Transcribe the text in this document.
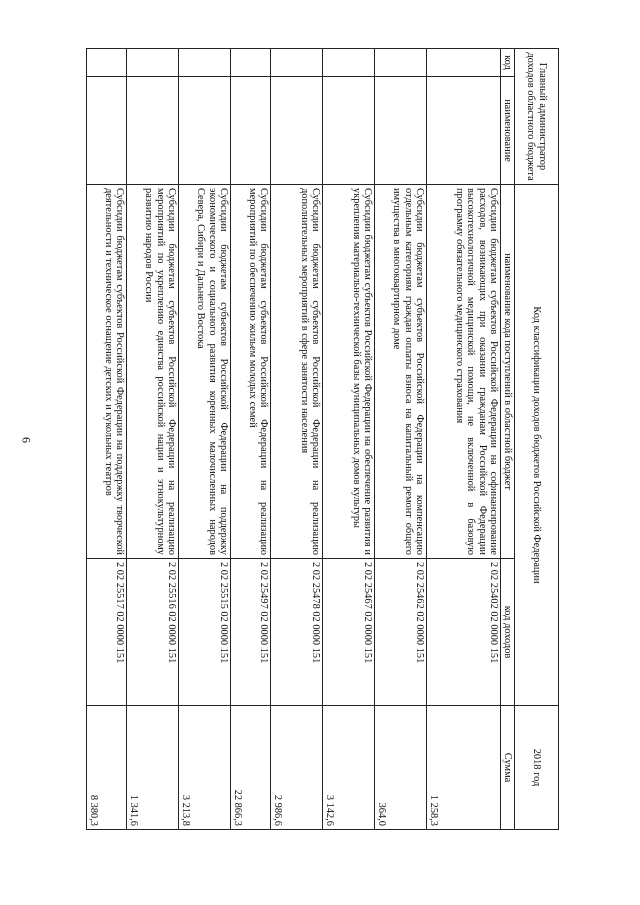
6
Главный администратор доходов областного бюджета		Код классификации доходов бюджетов Российской Федерации		2018 год
код	наименование	наименование кода поступлений в областной бюджет	код доходов	Сумма
		Субсидии бюджетам субъектов Российской Федерации на софинансирование расходов, возникающих при оказании гражданам Российской Федерации высокотехнологичной медицинской помощи, не включенной в базовую программу обязательного медицинского страхования	2 02 25402 02 0000 151	1 258,3
		Субсидии бюджетам субъектов Российской Федерации на компенсацию отдельным категориям граждан оплаты взноса на капитальный ремонт общего имущества в многоквартирном доме	2 02 25462 02 0000 151	364,0
		Субсидии бюджетам субъектов Российской Федерации на обеспечение развития и укрепления материально-технической базы муниципальных домов культуры	2 02 25467 02 0000 151	3 142,6
		Субсидии бюджетам субъектов Российской Федерации на реализацию дополнительных мероприятий в сфере занятости населения	2 02 25478 02 0000 151	2 986,6
		Субсидии бюджетам субъектов Российской Федерации на реализацию мероприятий по обеспечению жильем молодых семей	2 02 25497 02 0000 151	22 866,3
		Субсидии бюджетам субъектов Российской Федерации на поддержку экономического и социального развития коренных малочисленных народов Севера, Сибири и Дальнего Востока	2 02 25515 02 0000 151	3 213,8
		Субсидии бюджетам субъектов Российской Федерации на реализацию мероприятий по укреплению единства российской нации и этнокультурному развитию народов России	2 02 25516 02 0000 151	1 341,6
		Субсидии бюджетам субъектов Российской Федерации на поддержку творческой деятельности и техническое оснащение детских и кукольных театров	2 02 25517 02 0000 151	8 380,3
